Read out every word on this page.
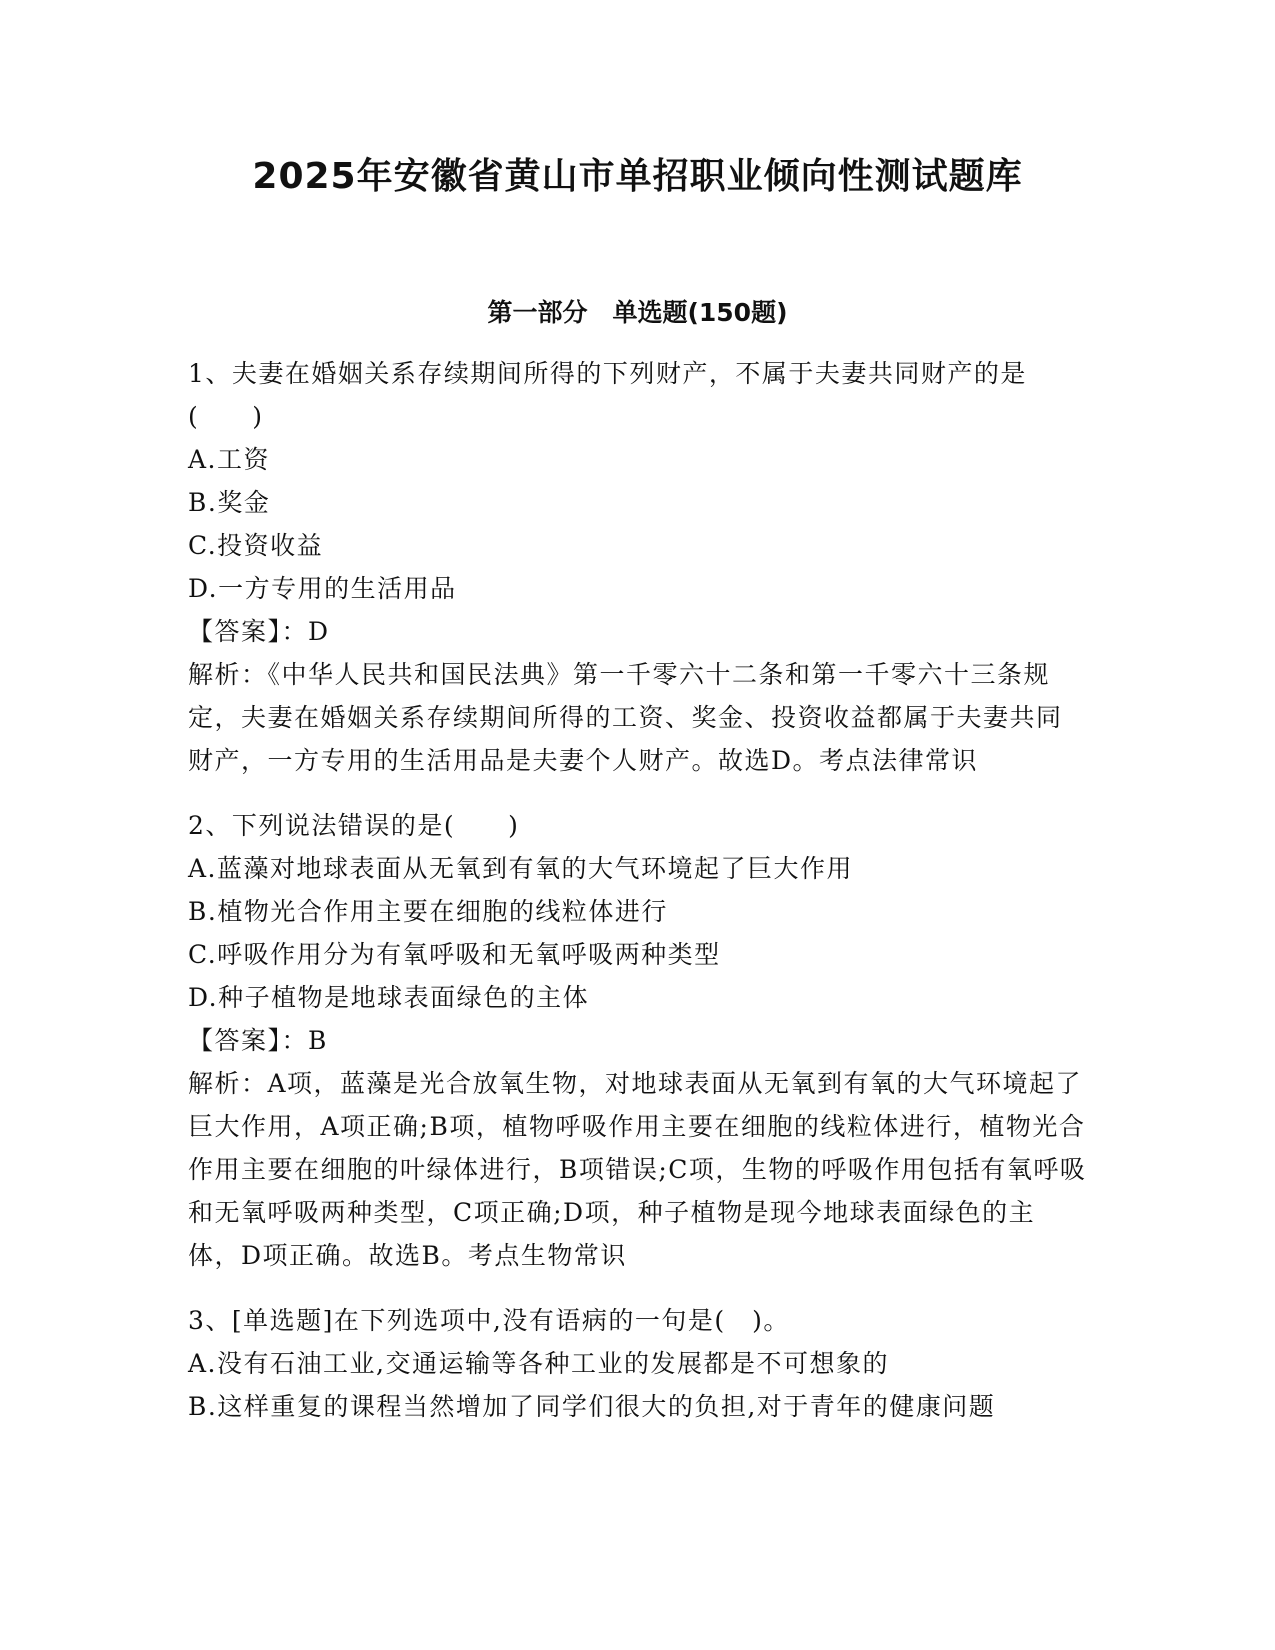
2025年安徽省黄山市单招职业倾向性测试题库
第一部分　单选题(150题)

1、夫妻在婚姻关系存续期间所得的下列财产，不属于夫妻共同财产的是(　　)

A.工资

B.奖金

C.投资收益

D.一方专用的生活用品

【答案】：D

解析：《中华人民共和国民法典》第一千零六十二条和第一千零六十三条规定，夫妻在婚姻关系存续期间所得的工资、奖金、投资收益都属于夫妻共同财产，一方专用的生活用品是夫妻个人财产。故选D。考点法律常识

2、下列说法错误的是(　　)

A.蓝藻对地球表面从无氧到有氧的大气环境起了巨大作用

B.植物光合作用主要在细胞的线粒体进行

C.呼吸作用分为有氧呼吸和无氧呼吸两种类型

D.种子植物是地球表面绿色的主体

【答案】：B

解析：A项，蓝藻是光合放氧生物，对地球表面从无氧到有氧的大气环境起了巨大作用，A项正确;B项，植物呼吸作用主要在细胞的线粒体进行，植物光合作用主要在细胞的叶绿体进行，B项错误;C项，生物的呼吸作用包括有氧呼吸和无氧呼吸两种类型，C项正确;D项，种子植物是现今地球表面绿色的主体，D项正确。故选B。考点生物常识

3、[单选题]在下列选项中,没有语病的一句是(　)。

A.没有石油工业,交通运输等各种工业的发展都是不可想象的

B.这样重复的课程当然增加了同学们很大的负担,对于青年的健康问题
